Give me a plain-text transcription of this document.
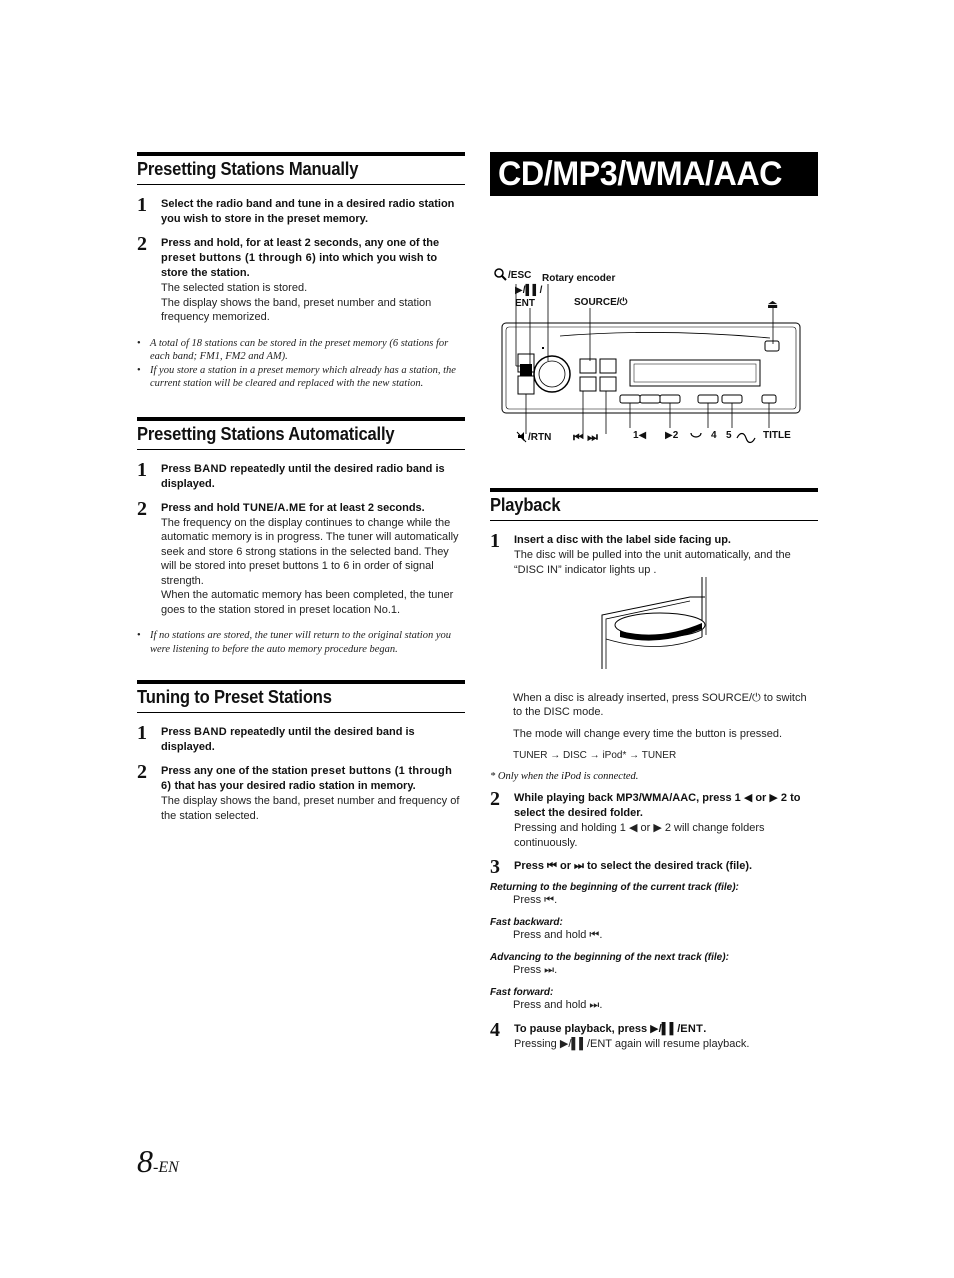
Presetting Stations Manually
1 Select the radio band and tune in a desired radio station you wish to store in the preset memory.
2 Press and hold, for at least 2 seconds, any one of the preset buttons (1 through 6) into which you wish to store the station.
The selected station is stored.
The display shows the band, preset number and station frequency memorized.
• A total of 18 stations can be stored in the preset memory (6 stations for each band; FM1, FM2 and AM).
• If you store a station in a preset memory which already has a station, the current station will be cleared and replaced with the new station.
Presetting Stations Automatically
1 Press BAND repeatedly until the desired radio band is displayed.
2 Press and hold TUNE/A.ME for at least 2 seconds.
The frequency on the display continues to change while the automatic memory is in progress. The tuner will automatically seek and store 6 strong stations in the selected band. They will be stored into preset buttons 1 to 6 in order of signal strength.
When the automatic memory has been completed, the tuner goes to the station stored in preset location No.1.
• If no stations are stored, the tuner will return to the original station you were listening to before the auto memory procedure began.
Tuning to Preset Stations
1 Press BAND repeatedly until the desired band is displayed.
2 Press any one of the station preset buttons (1 through 6) that has your desired radio station in memory.
The display shows the band, preset number and frequency of the station selected.
CD/MP3/WMA/AAC
/ESC Rotary encoder
▶/▌▌/
ENT	SOURCE/⏻	⏏
/RTN ⏮ ⏭	1◀ ▶2	4 5	TITLE
Playback
1 Insert a disc with the label side facing up.
The disc will be pulled into the unit automatically, and the “DISC IN” indicator lights up .
When a disc is already inserted, press SOURCE/⏻ to switch to the DISC mode.
The mode will change every time the button is pressed.
TUNER → DISC → iPod* → TUNER
* Only when the iPod is connected.
2 While playing back MP3/WMA/AAC, press 1 ◀ or ▶ 2 to select the desired folder.
Pressing and holding 1 ◀ or ▶ 2 will change folders continuously.
3 Press ⏮ or ⏭ to select the desired track (file).
Returning to the beginning of the current track (file):
Press ⏮.
Fast backward:
Press and hold ⏮.
Advancing to the beginning of the next track (file):
Press ⏭.
Fast forward:
Press and hold ⏭.
4 To pause playback, press ▶/▌▌/ENT.
Pressing ▶/▌▌/ENT again will resume playback.
8-EN
